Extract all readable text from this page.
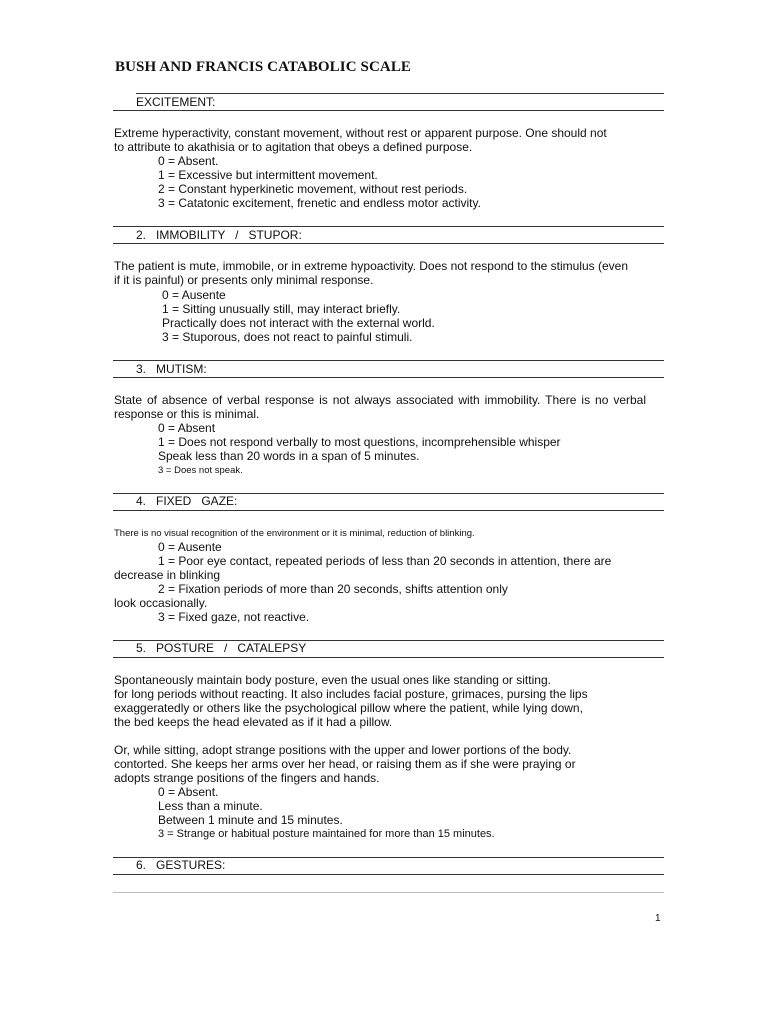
BUSH AND FRANCIS CATABOLIC SCALE
EXCITEMENT:
Extreme hyperactivity, constant movement, without rest or apparent purpose. One should not
to attribute to akathisia or to agitation that obeys a defined purpose.
0 = Absent.
1 = Excessive but intermittent movement.
2 = Constant hyperkinetic movement, without rest periods.
3 = Catatonic excitement, frenetic and endless motor activity.
2.   IMMOBILITY   /   STUPOR:
The patient is mute, immobile, or in extreme hypoactivity. Does not respond to the stimulus (even
if it is painful) or presents only minimal response.
0 = Ausente
1 = Sitting unusually still, may interact briefly.
Practically does not interact with the external world.
3 = Stuporous, does not react to painful stimuli.
3.   MUTISM:
State of absence of verbal response is not always associated with immobility. There is no verbal response or this is minimal.
0 = Absent
1 = Does not respond verbally to most questions, incomprehensible whisper
Speak less than 20 words in a span of 5 minutes.
3 = Does not speak.
4.   FIXED   GAZE:
There is no visual recognition of the environment or it is minimal, reduction of blinking.
0 = Ausente
1 = Poor eye contact, repeated periods of less than 20 seconds in attention, there are
decrease in blinking
2 = Fixation periods of more than 20 seconds, shifts attention only
look occasionally.
3 = Fixed gaze, not reactive.
5.   POSTURE   /   CATALEPSY
Spontaneously maintain body posture, even the usual ones like standing or sitting.
for long periods without reacting. It also includes facial posture, grimaces, pursing the lips
exaggeratedly or others like the psychological pillow where the patient, while lying down,
the bed keeps the head elevated as if it had a pillow.
Or, while sitting, adopt strange positions with the upper and lower portions of the body.
contorted. She keeps her arms over her head, or raising them as if she were praying or
adopts strange positions of the fingers and hands.
0 = Absent.
Less than a minute.
Between 1 minute and 15 minutes.
3 = Strange or habitual posture maintained for more than 15 minutes.
6.   GESTURES:
1
